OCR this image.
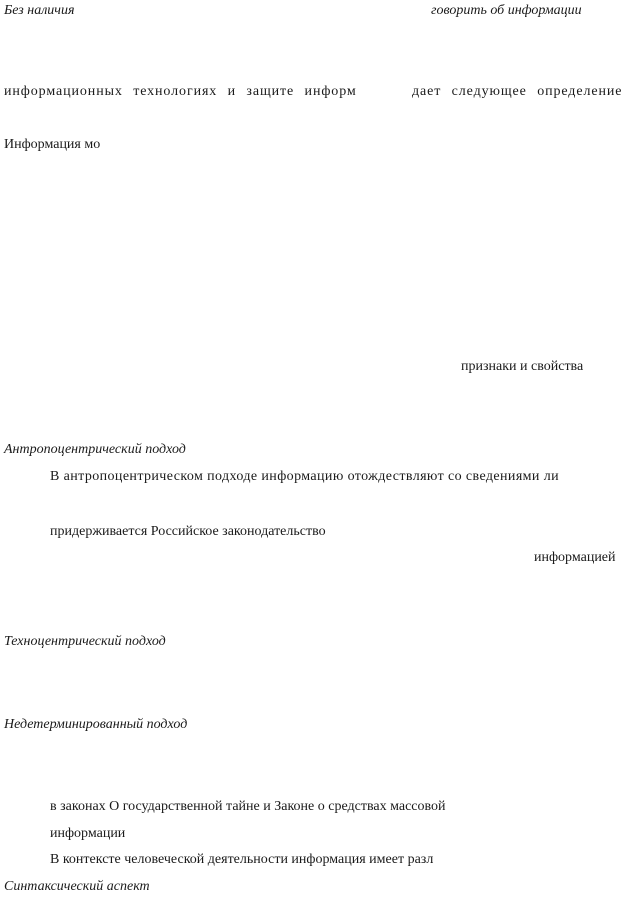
Без наличия	говорить об информации
информационных технологиях и защите информ	дает следующее определение
Информация мо
признаки и свойства
Антропоцентрический подход
В антропоцентрическом подходе информацию отождествляют со сведениями ли
придерживается Российское законодательство
информацией
Техноцентрический подход
Недетерминированный подход
в законах О государственной тайне и Законе о средствах массовой
информации
В контексте человеческой деятельности информация имеет разл
Синтаксический аспект
